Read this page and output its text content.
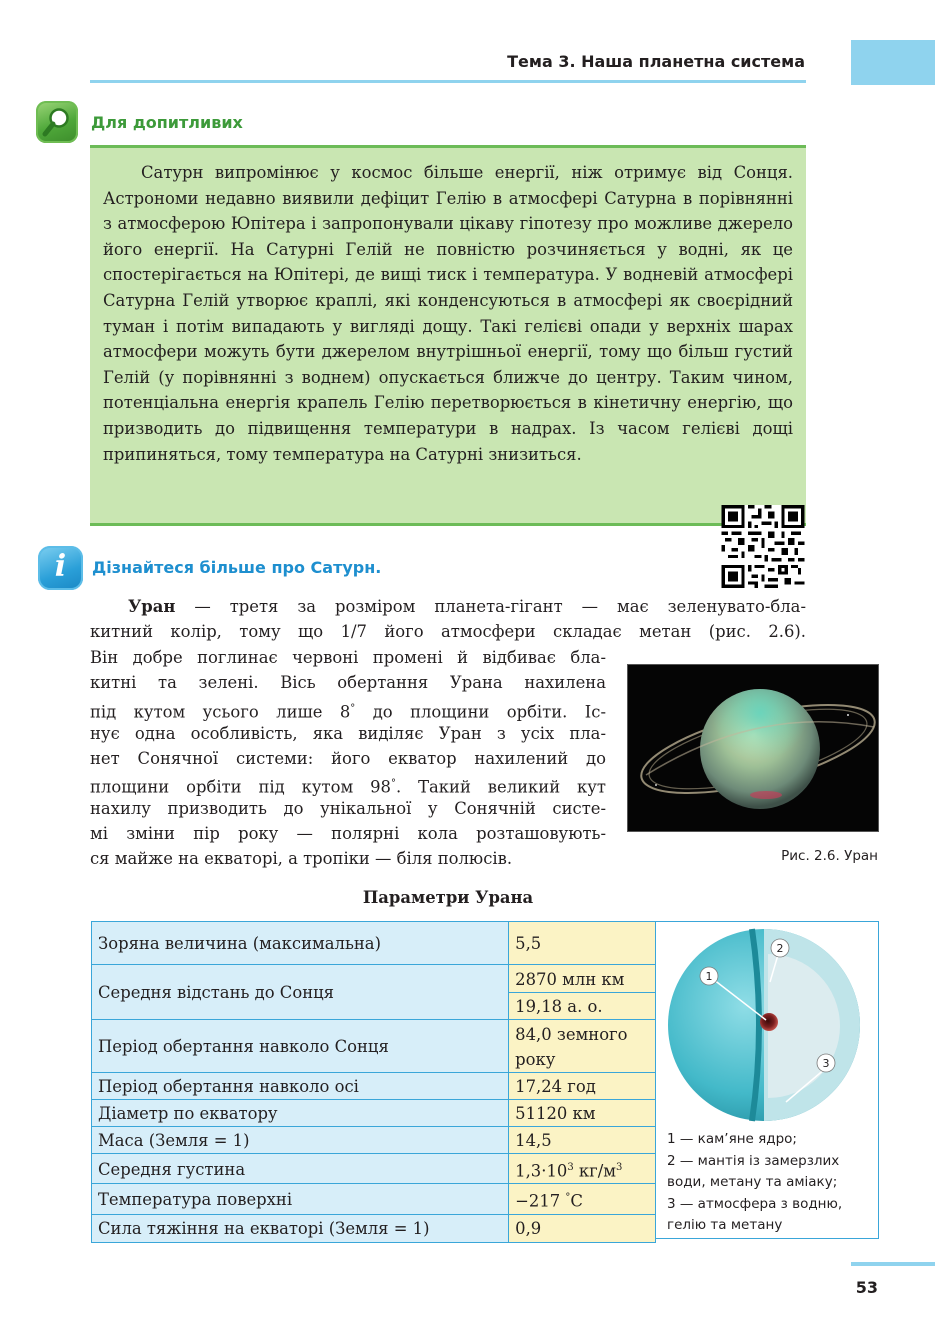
Тема 3. Наша планетна система
Для допитливих

Сатурн випромінює у космос більше енергії, ніж отримує від Сонця. Астрономи недавно виявили дефіцит Гелію в атмосфері Сатурна в порівнянні з атмосферою Юпітера і запропонували цікаву гіпотезу про можливе джерело його енергії. На Сатурні Гелій не повністю розчиняється у водні, як це спостерігається на Юпітері, де вищі тиск і температура. У водневій атмосфері Сатурна Гелій утворює краплі, які конденсуються в атмосфері як своєрідний туман і потім випадають у вигляді дощу. Такі гелієві опади у верхніх шарах атмосфери можуть бути джерелом внутрішньої енергії, тому що більш густий Гелій (у порівнянні з воднем) опускається ближче до центру. Таким чином, потенціальна енергія крапель Гелію перетворюється в кінетичну енергію, що призводить до підвищення температури в надрах. Із часом гелієві дощі припиняться, тому температура на Сатурні знизиться.

i	Дізнайтеся більше про Сатурн.
Уран — третя за розміром планета-гігант — має зеленувато-бла-
китний колір, тому що 1/7 його атмосфери складає метан (рис. 2.6).
Він добре поглинає червоні промені й відбиває бла-
китні та зелені. Вісь обертання Урана нахилена
під кутом усього лише 8° до площини орбіти. Іс-
нує одна особливість, яка виділяє Уран з усіх пла-
нет Сонячної системи: його екватор нахилений до
площини орбіти під кутом 98°. Такий великий кут
нахилу призводить до унікальної у Сонячній систе-
мі зміни пір року — полярні кола розташовують-
ся майже на екваторі, а тропіки — біля полюсів.	Рис. 2.6. Уран
Параметри Урана
Зоряна величина (максимальна)	5,5
Середня відстань до Сонця	2870 млн км
	19,18 а. о.
Період обертання навколо Сонця	84,0 земного року
Період обертання навколо осі	17,24 год
Діаметр по екватору	51120 км
Маса (Земля = 1)	14,5
Середня густина	$1,3\cdot 10^3$ $кг/м^3$
Температура поверхні	−217 °С
Сила тяжіння на екваторі (Земля = 1)	0,9
1
2
3
1 — кам’яне ядро;
2 — мантія із замерзлих
води, метану та аміаку;
3 — атмосфера з водню,
гелію та метану
53
